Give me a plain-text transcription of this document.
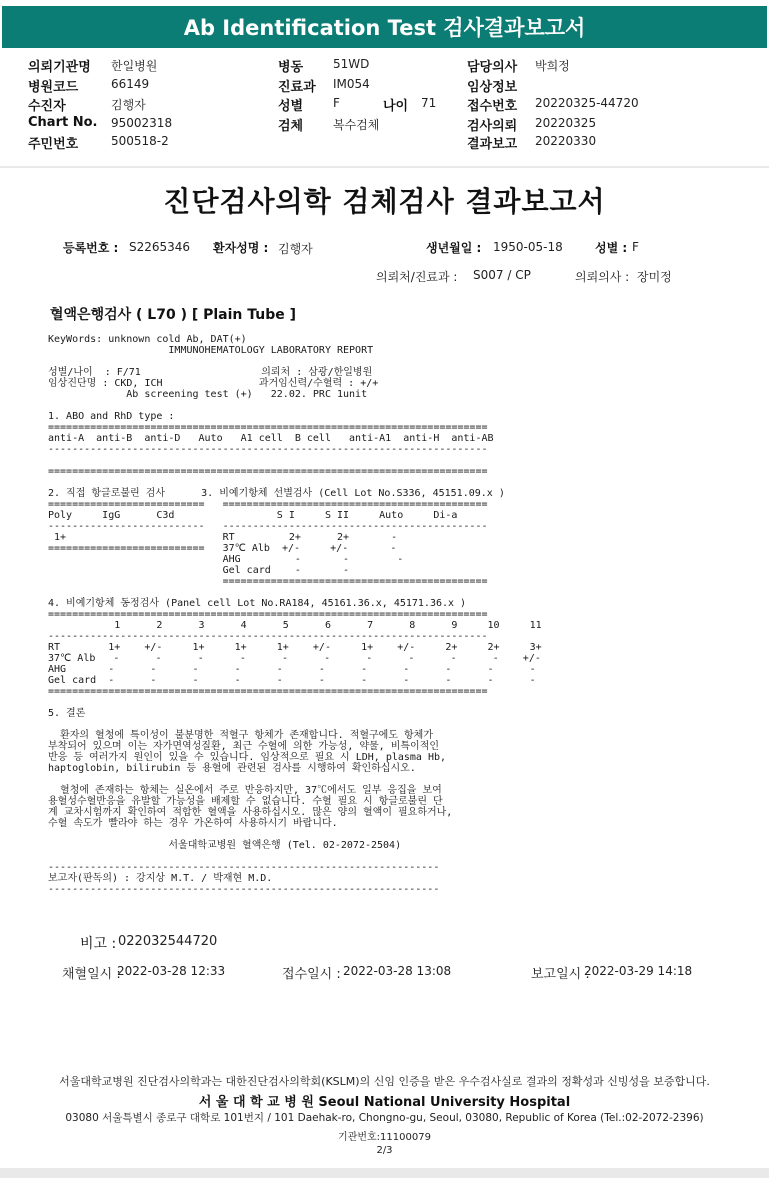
Ab Identification Test 검사결과보고서
의뢰기관명 한일병원
병원코드	66149
수진자	김행자
Chart No. 95002318
주민번호	500518-2
병동 51WD
진료과 IM054
성별 F	나이 71
검체 복수검체
담당의사 박희정
임상정보
접수번호 20220325-44720
검사의뢰 20220325
결과보고 20220330
진단검사의학 검체검사 결과보고서
등록번호 : S2265346 환자성명 : 김행자	생년월일 : 1950-05-18	성별 : F
의뢰처/진료과 : S007 / CP	의뢰의사 : 장미정
혈액은행검사 ( L70 ) [ Plain Tube ]
KeyWords: unknown cold Ab, DAT(+)
IMMUNOHEMATOLOGY LABORATORY REPORT
성별/나이  : F/71                    의뢰처 : 삼광/한일병원
임상진단명 : CKD, ICH                과거임신력/수혈력 : +/+
Ab screening test (+)   22.02. PRC 1unit
1. ABO and RhD type :
=========================================================================
anti-A  anti-B  anti-D   Auto   A1 cell  B cell   anti-A1  anti-H  anti-AB
-------------------------------------------------------------------------
=========================================================================
2. 직접 항글로불린 검사      3. 비예기항체 선별검사 (Cell Lot No.S336, 45151.09.x )
==========================   ============================================
Poly     IgG      C3d                 S I     S II     Auto     Di-a
--------------------------   --------------------------------------------
1+                          RT         2+      2+       -
==========================   37℃ Alb  +/-     +/-       -
AHG         -       -        -
Gel card    -       -
============================================
4. 비예기항체 동정검사 (Panel cell Lot No.RA184, 45161.36.x, 45171.36.x )
=========================================================================
1      2      3      4      5      6      7      8      9     10     11
-------------------------------------------------------------------------
RT        1+    +/-     1+     1+     1+    +/-     1+    +/-     2+     2+     3+
37℃ Alb   -      -      -      -      -      -      -      -      -      -    +/-
AHG       -      -      -      -      -      -      -      -      -      -      -
Gel card  -      -      -      -      -      -      -      -      -      -      -
=========================================================================
5. 결론
환자의 혈청에 특이성이 불분명한 적혈구 항체가 존재합니다. 적혈구에도 항체가
부착되어 있으며 이는 자가면역성질환, 최근 수혈에 의한 가능성, 약물, 비특이적인
반응 등 여러가지 원인이 있을 수 있습니다. 임상적으로 필요 시 LDH, plasma Hb,
haptoglobin, bilirubin 등 용혈에 관련된 검사를 시행하여 확인하십시오.
혈청에 존재하는 항체는 실온에서 주로 반응하지만, 37℃에서도 일부 응집을 보여
용혈성수혈반응을 유발할 가능성을 배제할 수 없습니다. 수혈 필요 시 항글로불린 단
계 교차시험까지 확인하여 적합한 혈액을 사용하십시오. 많은 양의 혈액이 필요하거나,
수혈 속도가 빨라야 하는 경우 가온하여 사용하시기 바랍니다.
서울대학교병원 혈액은행 (Tel. 02-2072-2504)
-----------------------------------------------------------------
보고자(판독의) : 강지상 M.T. / 박재현 M.D.
-----------------------------------------------------------------
비고 : 022032544720
채혈일시 :
2022-03-28 12:33	접수일시 : 2022-03-28 13:08	보고일시 :
2022-03-29 14:18
서울대학교병원 진단검사의학과는 대한진단검사의학회(KSLM)의 신임 인증을 받은 우수검사실로 결과의 정확성과 신빙성을 보증합니다.
서 울 대 학 교 병 원 Seoul National University Hospital
03080 서울특별시 종로구 대학로 101번지 / 101 Daehak-ro, Chongno-gu, Seoul, 03080, Republic of Korea (Tel.:02-2072-2396)
기관번호:11100079
2/3
